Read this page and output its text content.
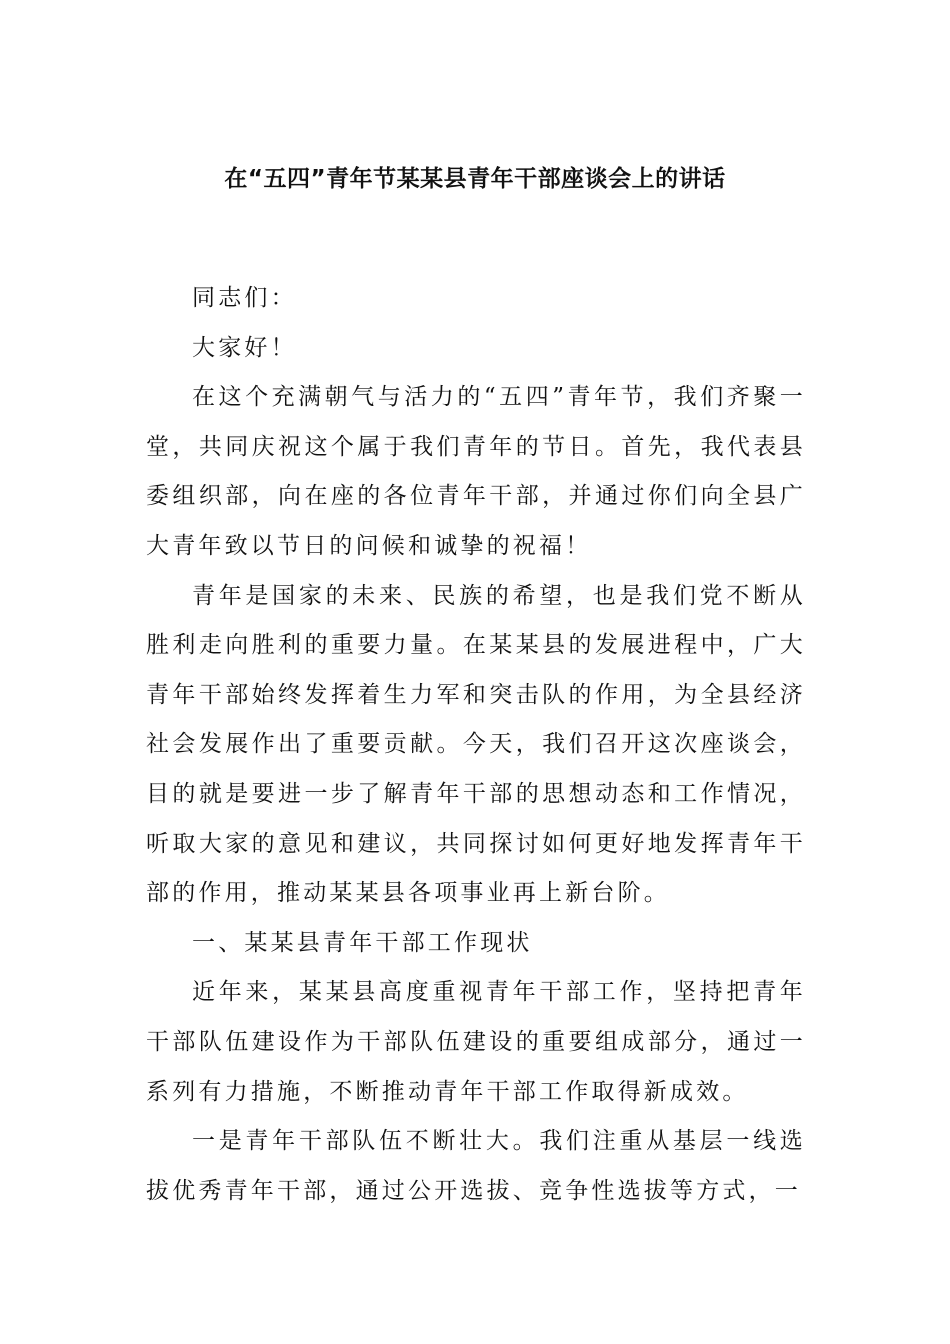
在“五四”青年节某某县青年干部座谈会上的讲话

同志们：

大家好！

在这个充满朝气与活力的“五四”青年节，我们齐聚一堂，共同庆祝这个属于我们青年的节日。首先，我代表县委组织部，向在座的各位青年干部，并通过你们向全县广大青年致以节日的问候和诚挚的祝福！

青年是国家的未来、民族的希望，也是我们党不断从胜利走向胜利的重要力量。在某某县的发展进程中，广大青年干部始终发挥着生力军和突击队的作用，为全县经济社会发展作出了重要贡献。今天，我们召开这次座谈会，目的就是要进一步了解青年干部的思想动态和工作情况，听取大家的意见和建议，共同探讨如何更好地发挥青年干部的作用，推动某某县各项事业再上新台阶。

一、某某县青年干部工作现状

近年来，某某县高度重视青年干部工作，坚持把青年干部队伍建设作为干部队伍建设的重要组成部分，通过一系列有力措施，不断推动青年干部工作取得新成效。

一是青年干部队伍不断壮大。我们注重从基层一线选拔优秀青年干部，通过公开选拔、竞争性选拔等方式，一
